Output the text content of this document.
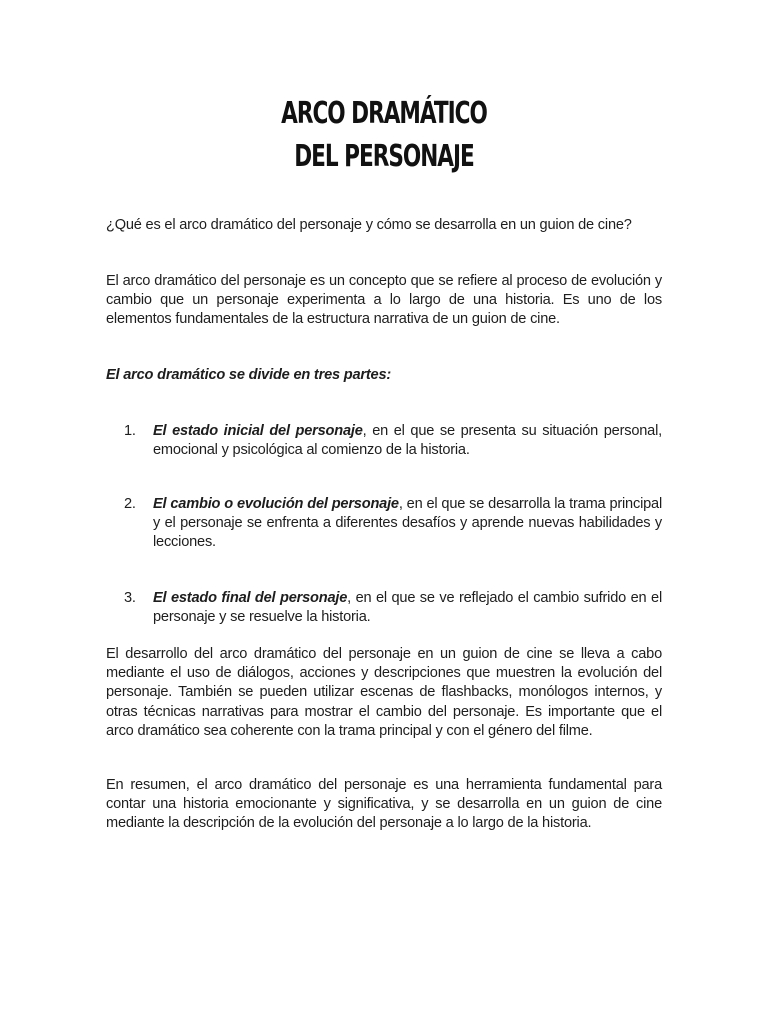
ARCO DRAMÁTICO
DEL PERSONAJE
¿Qué es el arco dramático del personaje y cómo se desarrolla en un guion de cine?
El arco dramático del personaje es un concepto que se refiere al proceso de evolución y cambio que un personaje experimenta a lo largo de una historia. Es uno de los elementos fundamentales de la estructura narrativa de un guion de cine.
El arco dramático se divide en tres partes:
1.	El estado inicial del personaje, en el que se presenta su situación personal, emocional y psicológica al comienzo de la historia.
2.	El cambio o evolución del personaje, en el que se desarrolla la trama principal y el personaje se enfrenta a diferentes desafíos y aprende nuevas habilidades y lecciones.
3.	El estado final del personaje, en el que se ve reflejado el cambio sufrido en el personaje y se resuelve la historia.
El desarrollo del arco dramático del personaje en un guion de cine se lleva a cabo mediante el uso de diálogos, acciones y descripciones que muestren la evolución del personaje. También se pueden utilizar escenas de flashbacks, monólogos internos, y otras técnicas narrativas para mostrar el cambio del personaje. Es importante que el arco dramático sea coherente con la trama principal y con el género del filme.
En resumen, el arco dramático del personaje es una herramienta fundamental para contar una historia emocionante y significativa, y se desarrolla en un guion de cine mediante la descripción de la evolución del personaje a lo largo de la historia.
